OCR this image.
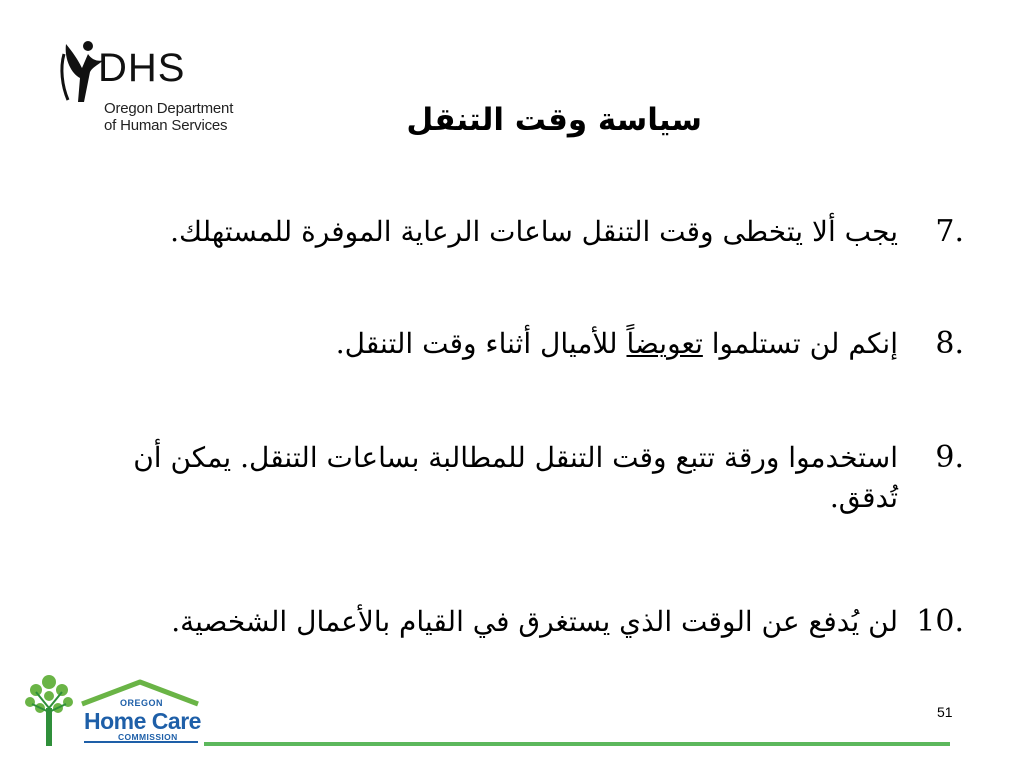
DHS
Oregon Department
of Human Services	سياسة وقت التنقل
.7يجب ألا يتخطى وقت التنقل ساعات الرعاية الموفرة للمستهلك.
.8إنكم لن تستلموا تعويضاً للأميال أثناء وقت التنقل.
.9استخدموا ورقة تتبع وقت التنقل للمطالبة بساعات التنقل. يمكن أن
تُدقق.
.10لن يُدفع عن الوقت الذي يستغرق في القيام بالأعمال الشخصية.
OREGON
Home Care
COMMISSION
51
